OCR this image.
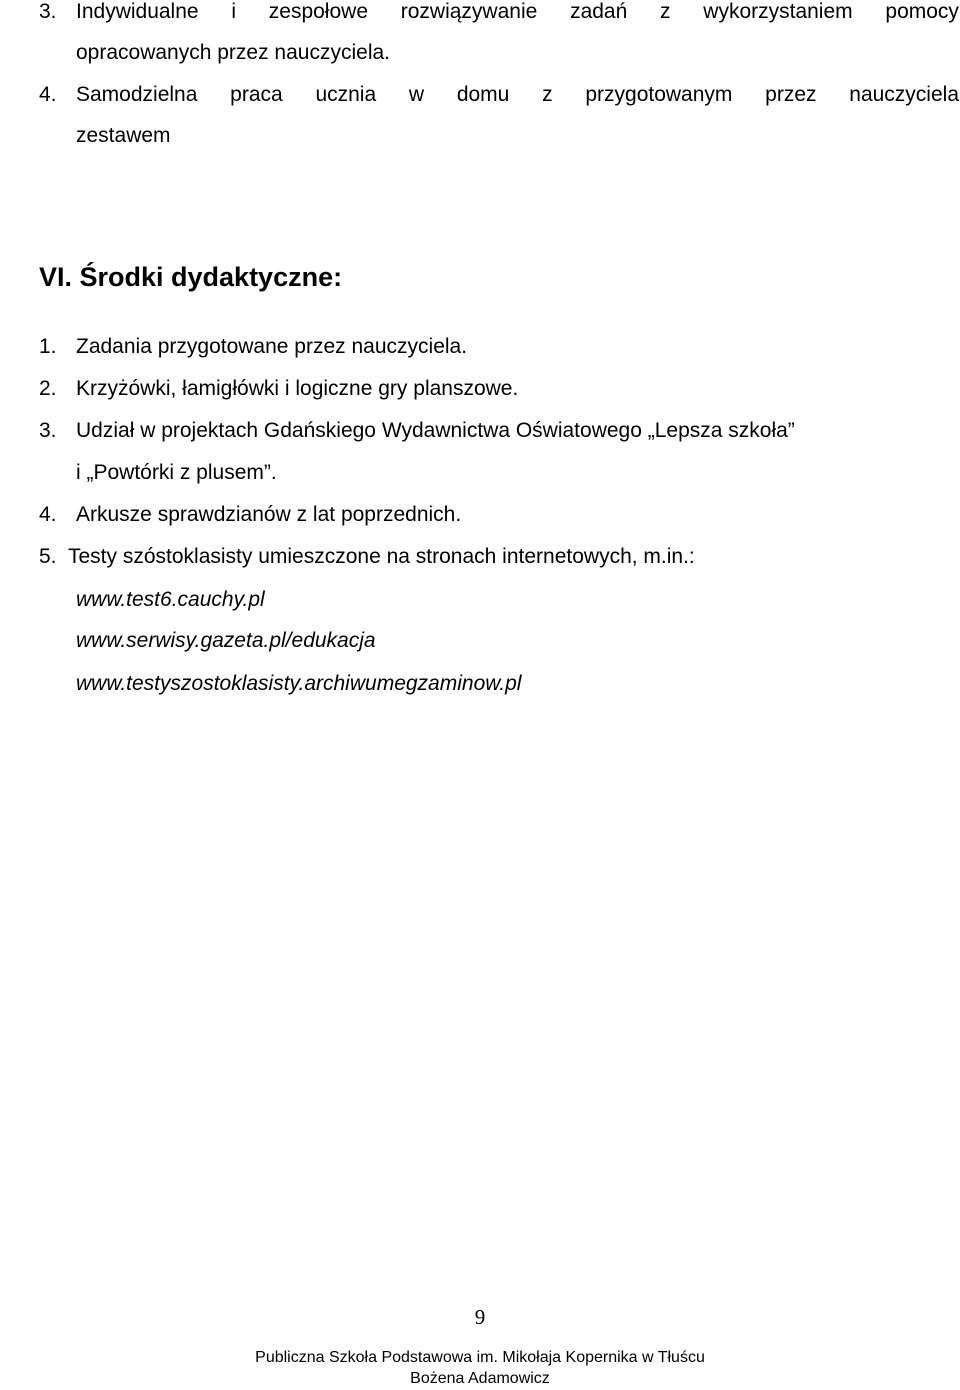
3. Indywidualne i zespołowe rozwiązywanie zadań z wykorzystaniem pomocy
opracowanych przez nauczyciela.
4. Samodzielna praca ucznia w domu z przygotowanym przez nauczyciela
zestawem
VI. Środki dydaktyczne:
1. Zadania przygotowane przez nauczyciela.
2. Krzyżówki, łamigłówki i logiczne gry planszowe.
3. Udział w projektach Gdańskiego Wydawnictwa Oświatowego „Lepsza szkoła”
i „Powtórki z plusem”.
4. Arkusze sprawdzianów z lat poprzednich.
5. Testy szóstoklasisty umieszczone na stronach internetowych, m.in.:
www.test6.cauchy.pl
www.serwisy.gazeta.pl/edukacja
www.testyszostoklasisty.archiwumegzaminow.pl
9
Publiczna Szkoła Podstawowa im. Mikołaja Kopernika w Tłuścu
Bożena Adamowicz
